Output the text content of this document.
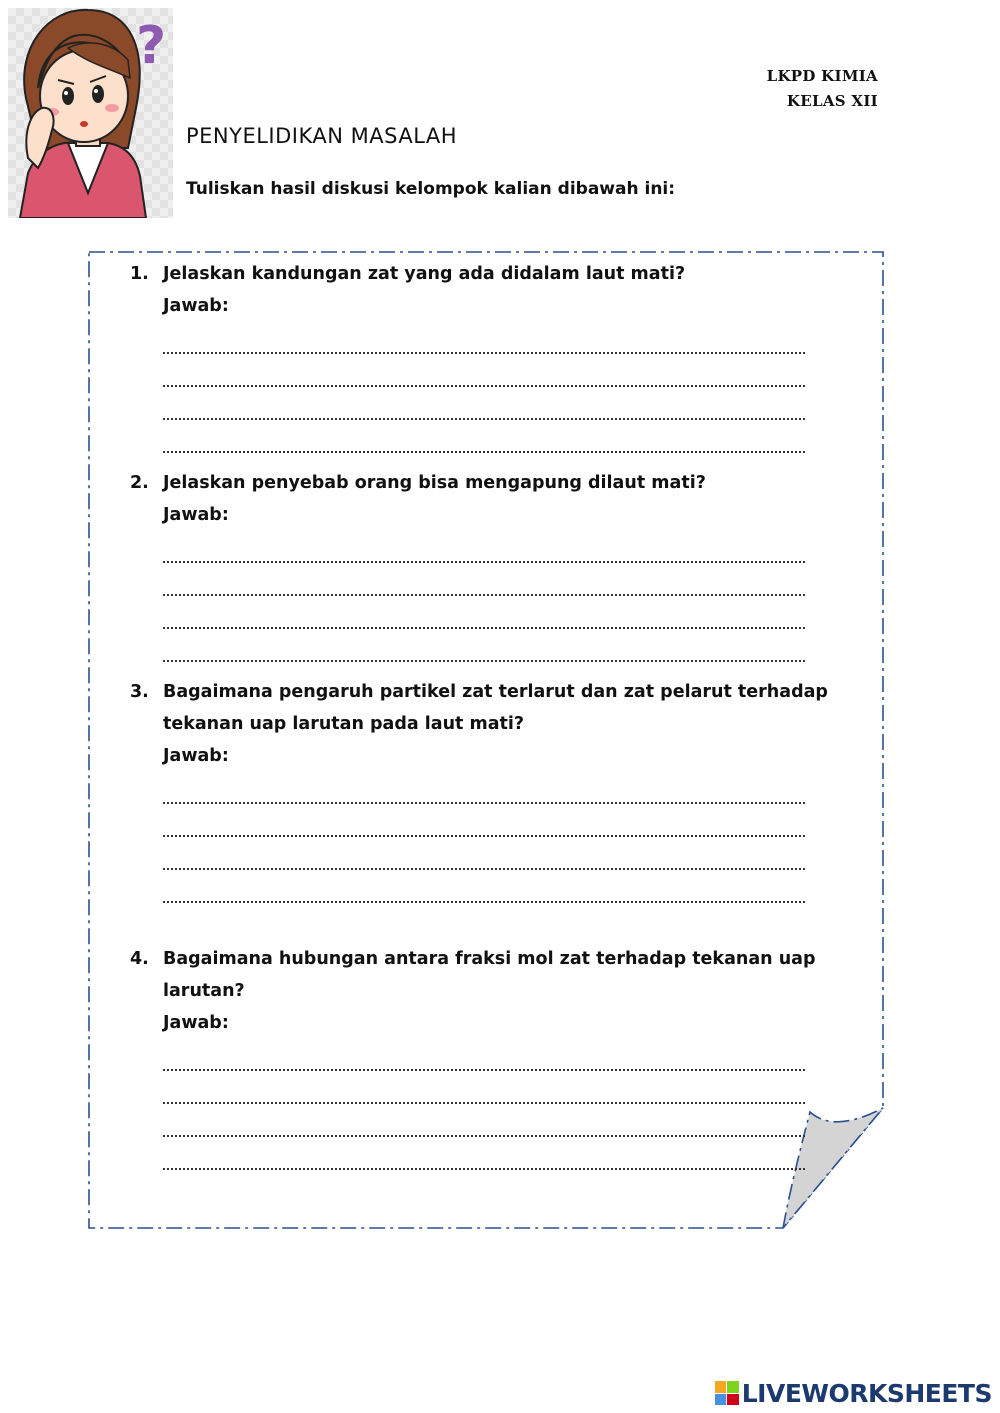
?	LKPD KIMIA
KELAS XII
PENYELIDIKAN MASALAH
Tuliskan hasil diskusi kelompok kalian dibawah ini:
1. Jelaskan kandungan zat yang ada didalam laut mati?
Jawab:
2. Jelaskan penyebab orang bisa mengapung dilaut mati?
Jawab:
3. Bagaimana pengaruh partikel zat terlarut dan zat pelarut terhadap tekanan uap larutan pada laut mati?
Jawab:
4. Bagaimana hubungan antara fraksi mol zat terhadap tekanan uap larutan?
Jawab:
LIVEWORKSHEETS
